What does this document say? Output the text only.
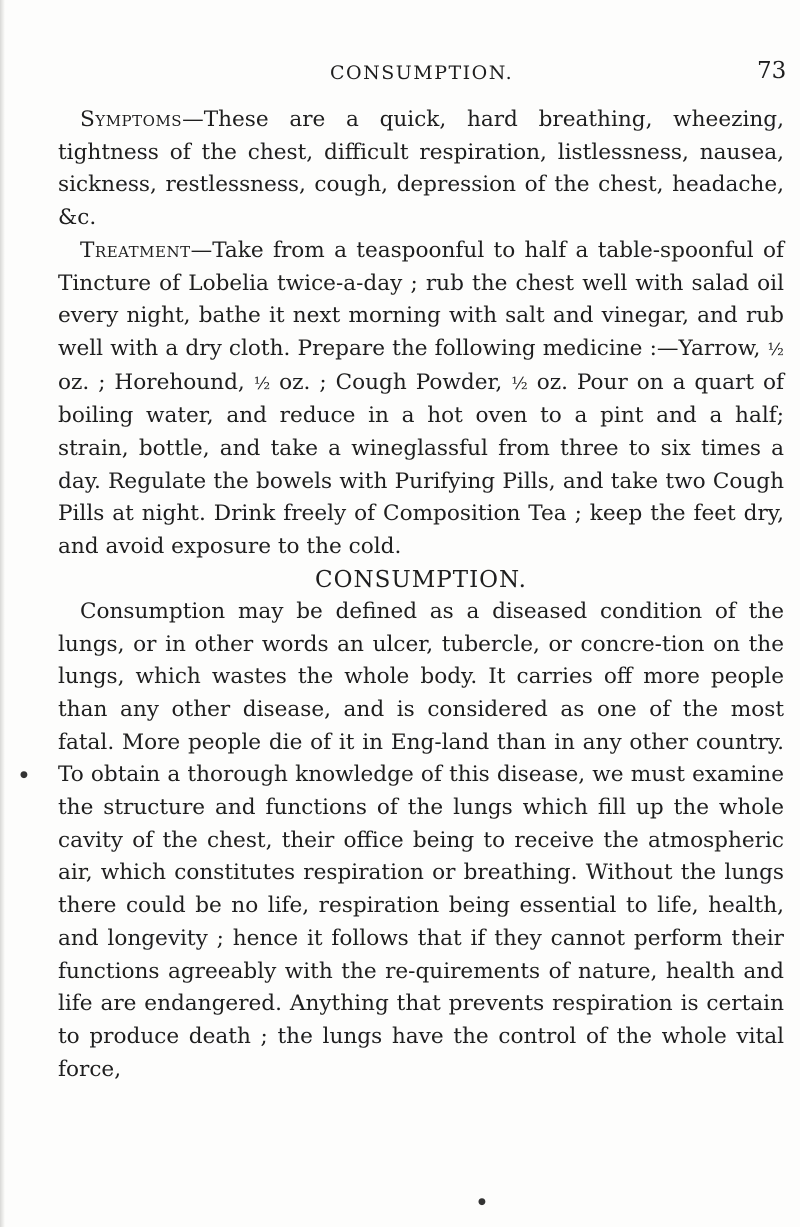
CONSUMPTION.	73

Symptoms—These are a quick, hard breathing, wheezing, tightness of the chest, difficult respiration, listlessness, nausea, sickness, restlessness, cough, depression of the chest, headache, &c.

Treatment—Take from a teaspoonful to half a table-spoonful of Tincture of Lobelia twice-a-day ; rub the chest well with salad oil every night, bathe it next morning with salt and vinegar, and rub well with a dry cloth. Prepare the following medicine :—Yarrow, ½ oz. ; Horehound, ½ oz. ; Cough Powder, ½ oz. Pour on a quart of boiling water, and reduce in a hot oven to a pint and a half; strain, bottle, and take a wineglassful from three to six times a day. Regulate the bowels with Purifying Pills, and take two Cough Pills at night. Drink freely of Composition Tea ; keep the feet dry, and avoid exposure to the cold.

CONSUMPTION.

Consumption may be defined as a diseased condition of the lungs, or in other words an ulcer, tubercle, or concre-tion on the lungs, which wastes the whole body. It carries off more people than any other disease, and is considered as one of the most fatal. More people die of it in Eng-land than in any other country. To obtain a thorough knowledge of this disease, we must examine the structure and functions of the lungs which fill up the whole cavity of the chest, their office being to receive the atmospheric air, which constitutes respiration or breathing. Without the lungs there could be no life, respiration being essential to life, health, and longevity ; hence it follows that if they cannot perform their functions agreeably with the re-quirements of nature, health and life are endangered. Anything that prevents respiration is certain to produce death ; the lungs have the control of the whole vital force,

●
●
